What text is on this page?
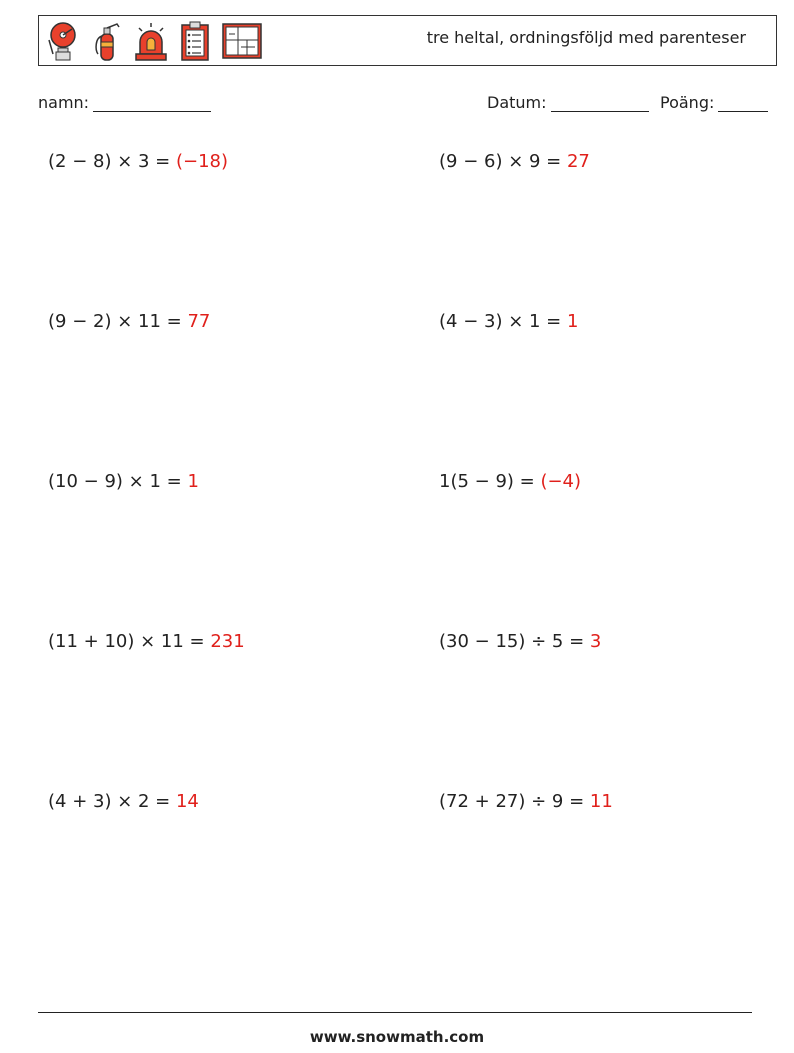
tre heltal, ordningsföljd med parenteser
namn:	Datum:	Poäng:
(2 − 8) × 3 = (−18)	(9 − 6) × 9 = 27
(9 − 2) × 11 = 77	(4 − 3) × 1 = 1
(10 − 9) × 1 = 1	1(5 − 9) = (−4)
(11 + 10) × 11 = 231	(30 − 15) ÷ 5 = 3
(4 + 3) × 2 = 14	(72 + 27) ÷ 9 = 11
www.snowmath.com
